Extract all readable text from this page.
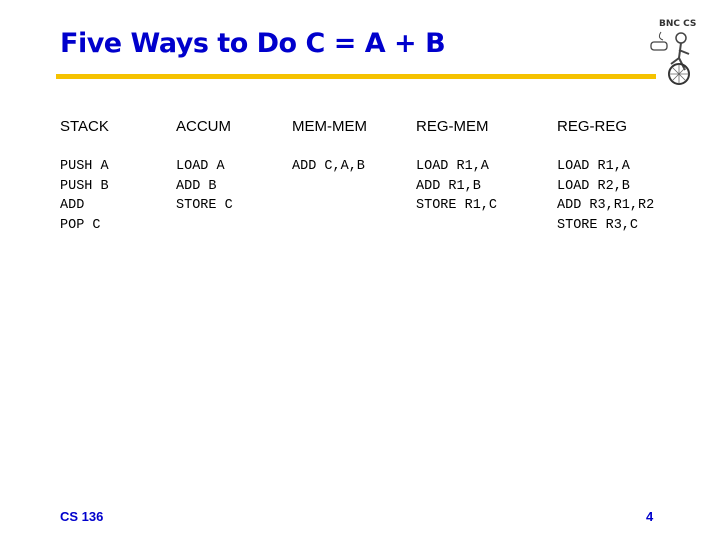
Five Ways to Do C = A + B
BNC CS
STACK
PUSH A
PUSH B
ADD
POP C
ACCUM
LOAD A
ADD B
STORE C
MEM-MEM
ADD C,A,B
REG-MEM
LOAD R1,A
ADD R1,B
STORE R1,C
REG-REG
LOAD R1,A
LOAD R2,B
ADD R3,R1,R2
STORE R3,C
CS 136	4
